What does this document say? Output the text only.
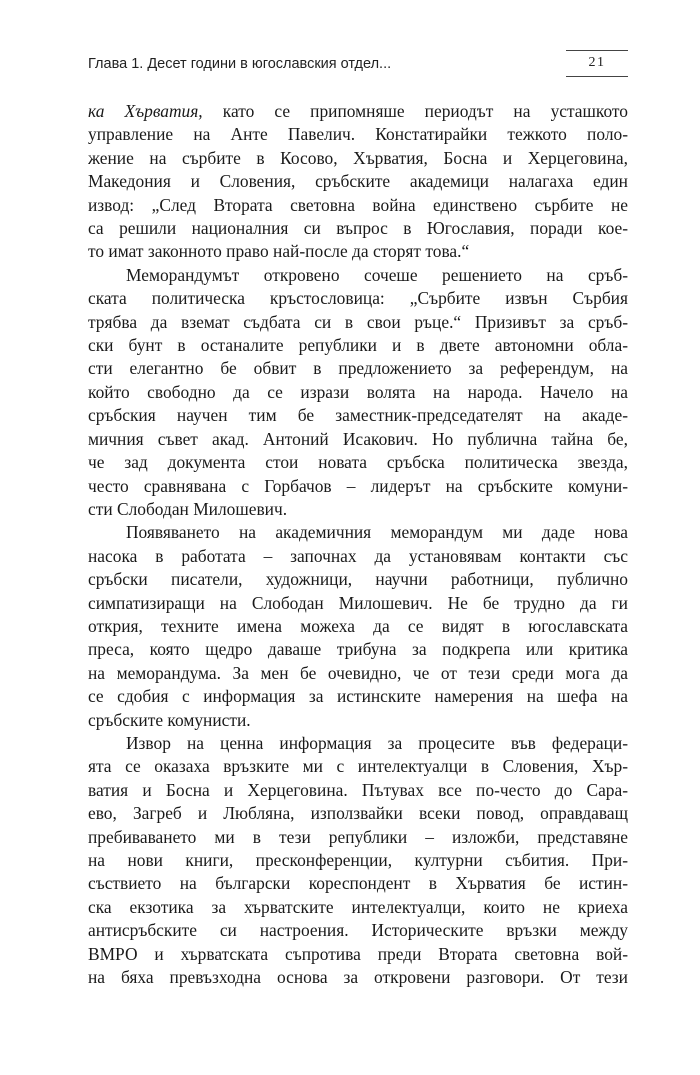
Глава 1. Десет години в югославския отдел...	21
ка Хърватия, като се припомняше периодът на усташкото
управление на Анте Павелич. Констатирайки тежкото поло-
жение на сърбите в Косово, Хърватия, Босна и Херцеговина,
Македония и Словения, сръбските академици налагаха един
извод: „След Втората световна война единствено сърбите не
са решили националния си въпрос в Югославия, поради кое-
то имат законното право най-после да сторят това.“
Меморандумът откровено сочеше решението на сръб-
ската политическа кръстословица: „Сърбите извън Сърбия
трябва да вземат съдбата си в свои ръце.“ Призивът за сръб-
ски бунт в останалите републики и в двете автономни обла-
сти елегантно бе обвит в предложението за референдум, на
който свободно да се изрази волята на народа. Начело на
сръбския научен тим бе заместник-председателят на акаде-
мичния съвет акад. Антоний Исакович. Но публична тайна бе,
че зад документа стои новата сръбска политическа звезда,
често сравнявана с Горбачов – лидерът на сръбските комуни-
сти Слободан Милошевич.
Появяването на академичния меморандум ми даде нова
насока в работата – започнах да установявам контакти със
сръбски писатели, художници, научни работници, публично
симпатизиращи на Слободан Милошевич. Не бе трудно да ги
открия, техните имена можеха да се видят в югославската
преса, която щедро даваше трибуна за подкрепа или критика
на меморандума. За мен бе очевидно, че от тези среди мога да
се сдобия с информация за истинските намерения на шефа на
сръбските комунисти.
Извор на ценна информация за процесите във федераци-
ята се оказаха връзките ми с интелектуалци в Словения, Хър-
ватия и Босна и Херцеговина. Пътувах все по-често до Сара-
ево, Загреб и Любляна, използвайки всеки повод, оправдаващ
пребиваването ми в тези републики – изложби, представяне
на нови книги, пресконференции, културни събития. При-
съствието на български кореспондент в Хърватия бе истин-
ска екзотика за хърватските интелектуалци, които не криеха
антисръбските си настроения. Историческите връзки между
ВМРО и хърватската съпротива преди Втората световна вой-
на бяха превъзходна основа за откровени разговори. От тези
